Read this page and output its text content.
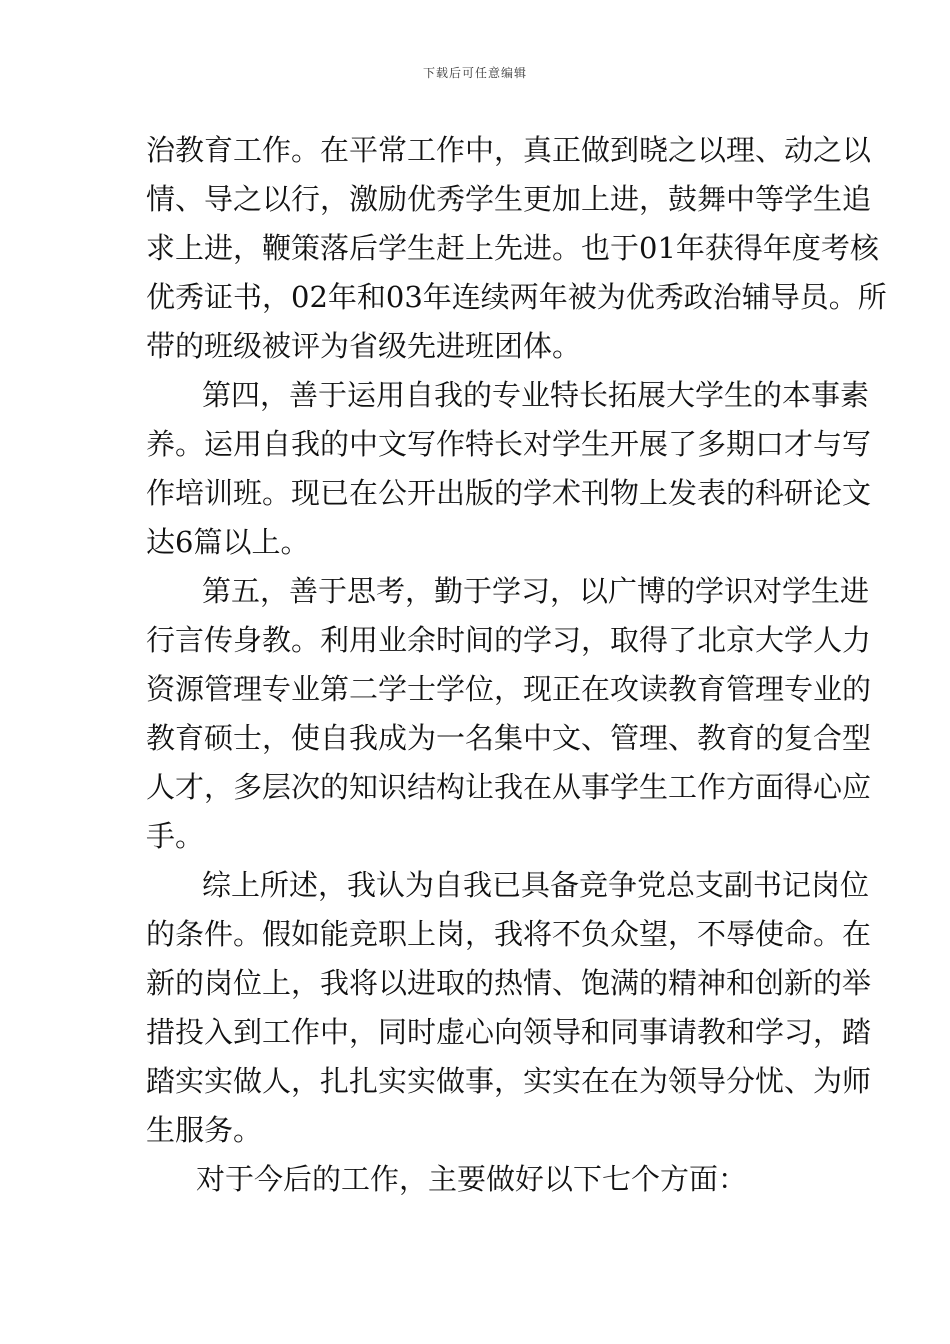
下载后可任意编辑
治教育工作。在平常工作中，真正做到晓之以理、动之以
情、导之以行，激励优秀学生更加上进，鼓舞中等学生追
求上进，鞭策落后学生赶上先进。也于01年获得年度考核
优秀证书，02年和03年连续两年被为优秀政治辅导员。所
带的班级被评为省级先进班团体。
第四，善于运用自我的专业特长拓展大学生的本事素
养。运用自我的中文写作特长对学生开展了多期口才与写
作培训班。现已在公开出版的学术刊物上发表的科研论文
达6篇以上。
第五，善于思考，勤于学习，以广博的学识对学生进
行言传身教。利用业余时间的学习，取得了北京大学人力
资源管理专业第二学士学位，现正在攻读教育管理专业的
教育硕士，使自我成为一名集中文、管理、教育的复合型
人才，多层次的知识结构让我在从事学生工作方面得心应
手。
综上所述，我认为自我已具备竞争党总支副书记岗位
的条件。假如能竞职上岗，我将不负众望，不辱使命。在
新的岗位上，我将以进取的热情、饱满的精神和创新的举
措投入到工作中，同时虚心向领导和同事请教和学习，踏
踏实实做人，扎扎实实做事，实实在在为领导分忧、为师
生服务。
对于今后的工作，主要做好以下七个方面：
